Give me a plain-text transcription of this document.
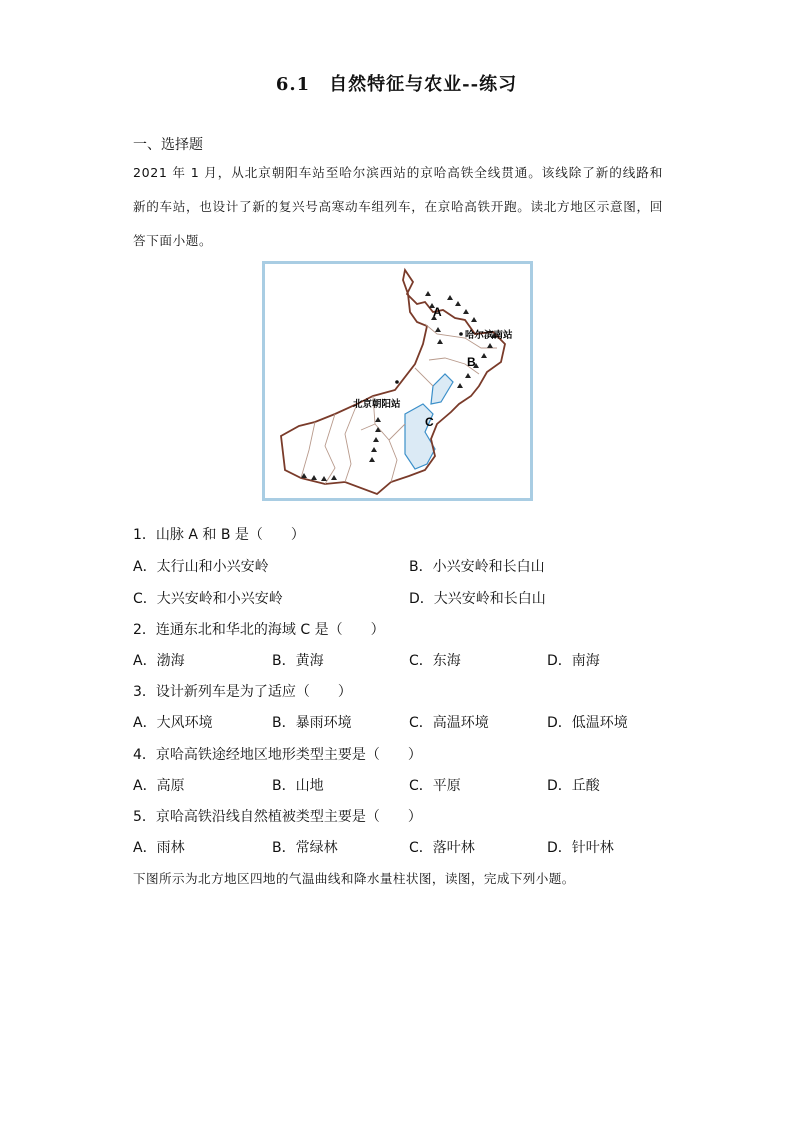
6.1　自然特征与农业--练习
一、选择题
2021 年 1 月，从北京朝阳车站至哈尔滨西站的京哈高铁全线贯通。该线除了新的线路和新的车站，也设计了新的复兴号高寒动车组列车，在京哈高铁开跑。读北方地区示意图，回答下面小题。
A
B
C
哈尔滨南站
北京朝阳站
1．山脉 A 和 B 是（　　）
A．太行山和小兴安岭	B．小兴安岭和长白山
C．大兴安岭和小兴安岭	D．大兴安岭和长白山
2．连通东北和华北的海域 C 是（　　）
A．渤海	B．黄海	C．东海	D．南海
3．设计新列车是为了适应（　　）
A．大风环境	B．暴雨环境	C．高温环境	D．低温环境
4．京哈高铁途经地区地形类型主要是（　　）
A．高原	B．山地	C．平原	D．丘酸
5．京哈高铁沿线自然植被类型主要是（　　）
A．雨林	B．常绿林	C．落叶林	D．针叶林
下图所示为北方地区四地的气温曲线和降水量柱状图，读图，完成下列小题。
